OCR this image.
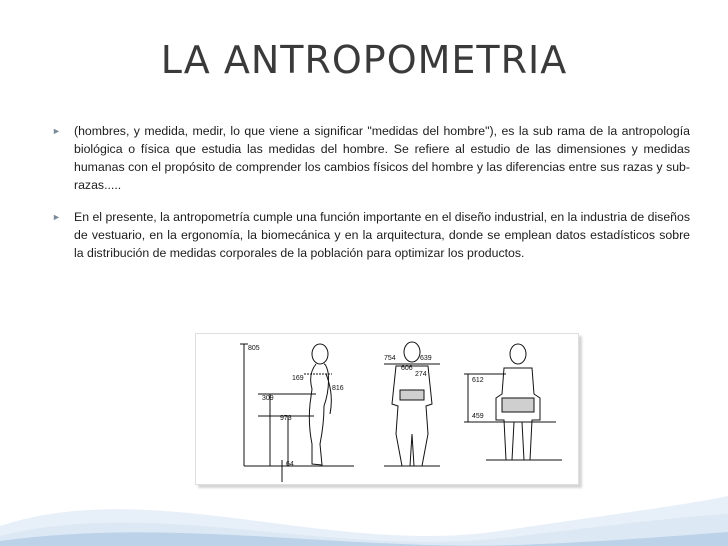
LA ANTROPOMETRIA
►	(hombres, y medida, medir, lo que viene a significar "medidas del hombre"), es la sub rama de la antropología biológica o física que estudia las medidas del hombre. Se refiere al estudio de las dimensiones y medidas humanas con el propósito de comprender los cambios físicos del hombre y las diferencias entre sus razas y sub-razas.....
►	En el presente, la antropometría cumple una función importante en el diseño industrial, en la industria de diseños de vestuario, en la ergonomía, la biomecánica y en la arquitectura, donde se emplean datos estadísticos sobre la distribución de medidas corporales de la población para optimizar los productos.
805
169
816
309
973
64
754	639
606
274
612
459
